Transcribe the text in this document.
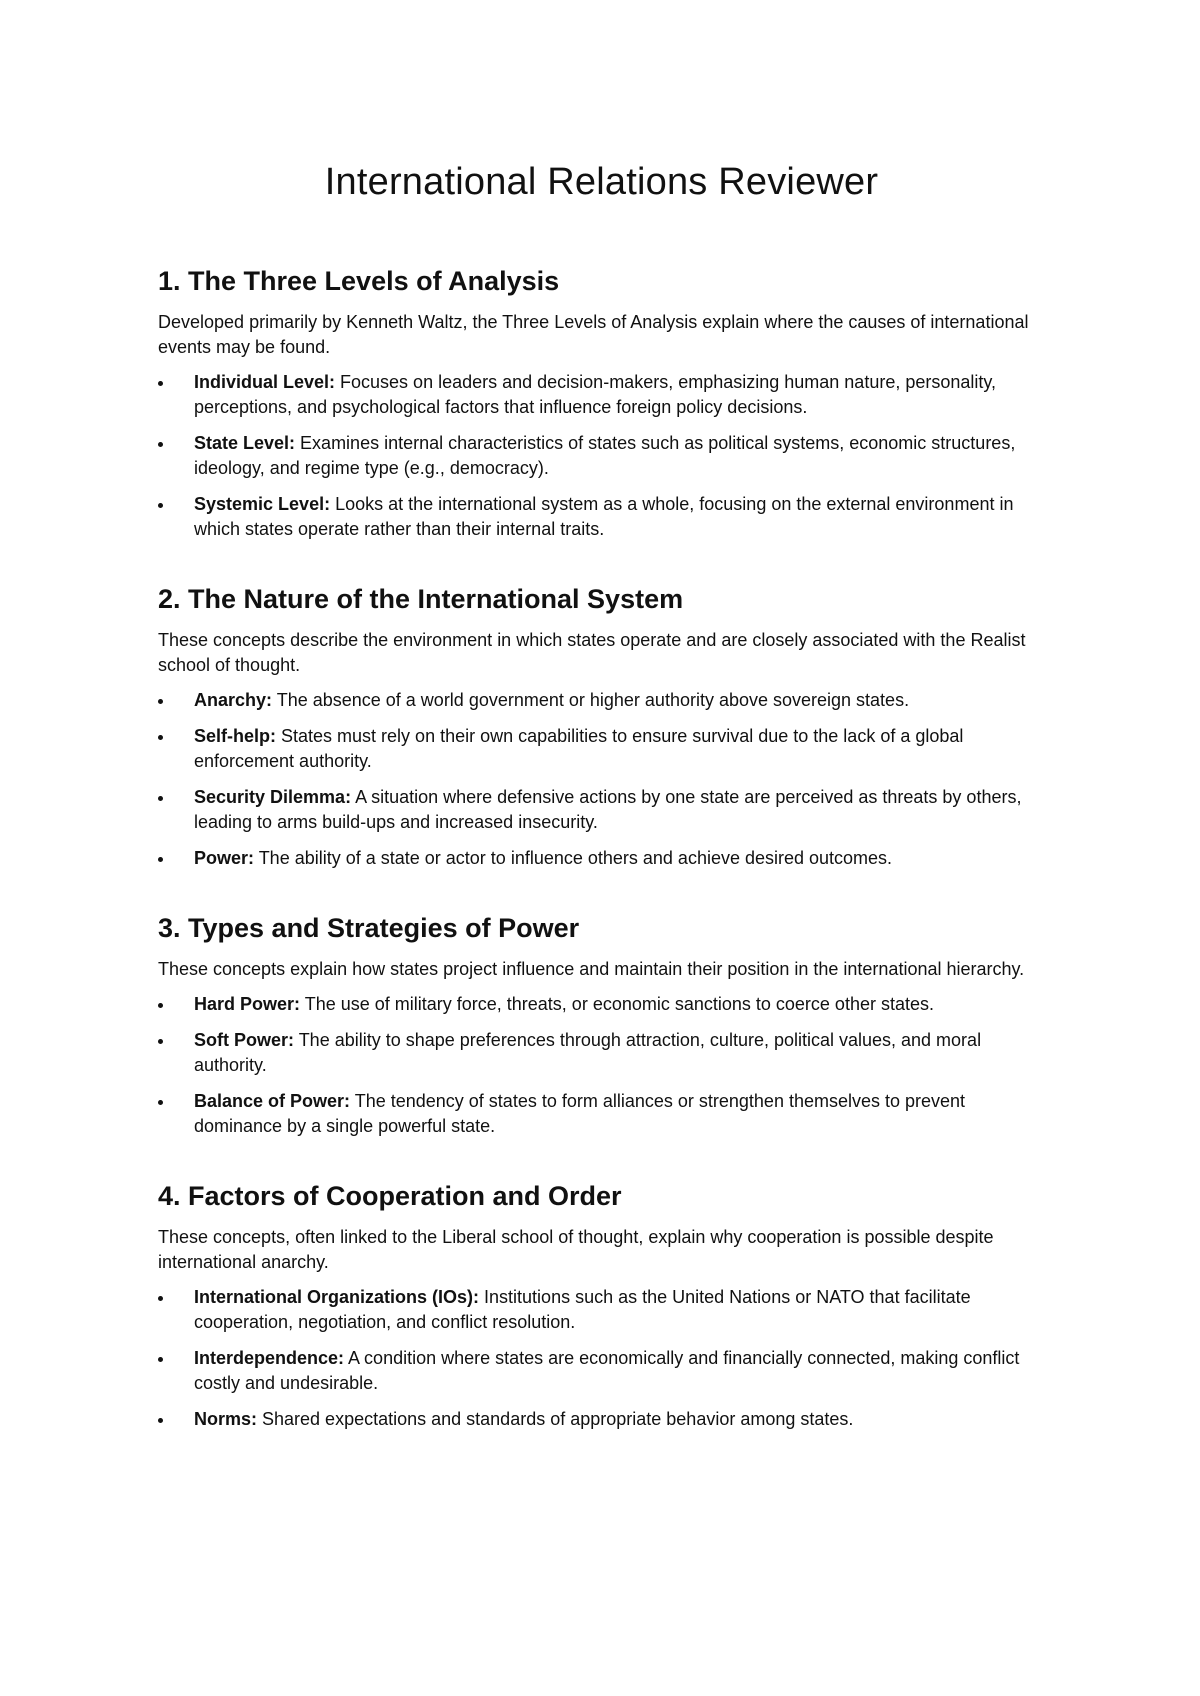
International Relations Reviewer
1. The Three Levels of Analysis

Developed primarily by Kenneth Waltz, the Three Levels of Analysis explain where the causes of international events may be found.

Individual Level: Focuses on leaders and decision-makers, emphasizing human nature, personality, perceptions, and psychological factors that influence foreign policy decisions.
State Level: Examines internal characteristics of states such as political systems, economic structures, ideology, and regime type (e.g., democracy).
Systemic Level: Looks at the international system as a whole, focusing on the external environment in which states operate rather than their internal traits.
2. The Nature of the International System

These concepts describe the environment in which states operate and are closely associated with the Realist school of thought.

Anarchy: The absence of a world government or higher authority above sovereign states.
Self-help: States must rely on their own capabilities to ensure survival due to the lack of a global enforcement authority.
Security Dilemma: A situation where defensive actions by one state are perceived as threats by others, leading to arms build-ups and increased insecurity.
Power: The ability of a state or actor to influence others and achieve desired outcomes.
3. Types and Strategies of Power

These concepts explain how states project influence and maintain their position in the international hierarchy.

Hard Power: The use of military force, threats, or economic sanctions to coerce other states.
Soft Power: The ability to shape preferences through attraction, culture, political values, and moral authority.
Balance of Power: The tendency of states to form alliances or strengthen themselves to prevent dominance by a single powerful state.
4. Factors of Cooperation and Order

These concepts, often linked to the Liberal school of thought, explain why cooperation is possible despite international anarchy.

International Organizations (IOs): Institutions such as the United Nations or NATO that facilitate cooperation, negotiation, and conflict resolution.
Interdependence: A condition where states are economically and financially connected, making conflict costly and undesirable.
Norms: Shared expectations and standards of appropriate behavior among states.
